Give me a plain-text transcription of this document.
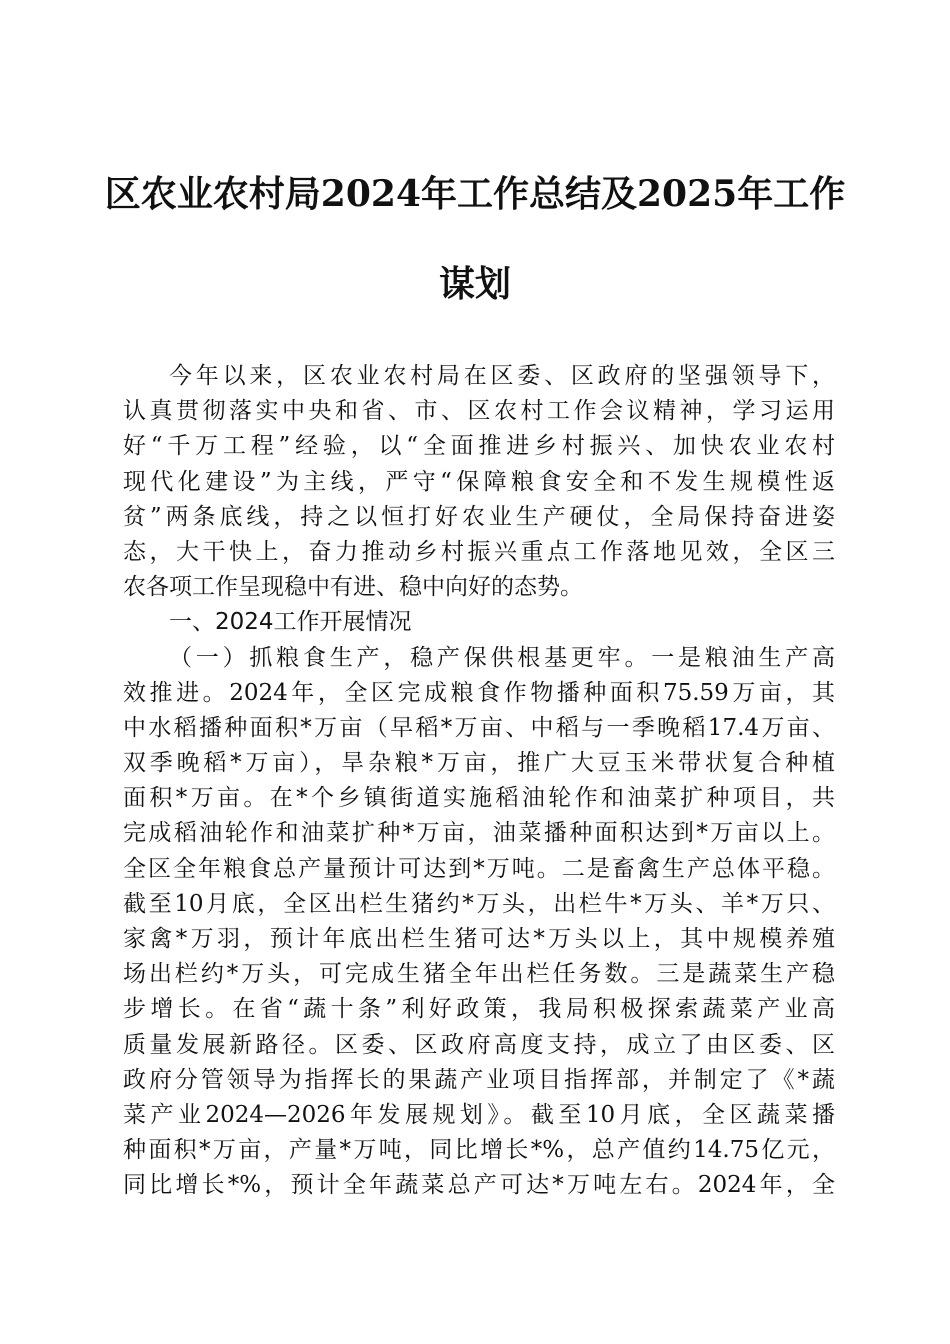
区农业农村局2024年工作总结及2025年工作
谋划
今年以来，区农业农村局在区委、区政府的坚强领导下，
认真贯彻落实中央和省、市、区农村工作会议精神，学习运用
好“千万工程”经验，以“全面推进乡村振兴、加快农业农村
现代化建设”为主线，严守“保障粮食安全和不发生规模性返
贫”两条底线，持之以恒打好农业生产硬仗，全局保持奋进姿
态，大干快上，奋力推动乡村振兴重点工作落地见效，全区三
农各项工作呈现稳中有进、稳中向好的态势。
一、2024工作开展情况
（一）抓粮食生产，稳产保供根基更牢。一是粮油生产高
效推进。2024年，全区完成粮食作物播种面积75.59万亩，其
中水稻播种面积*万亩（早稻*万亩、中稻与一季晚稻17.4万亩、
双季晚稻*万亩），旱杂粮*万亩，推广大豆玉米带状复合种植
面积*万亩。在*个乡镇街道实施稻油轮作和油菜扩种项目，共
完成稻油轮作和油菜扩种*万亩，油菜播种面积达到*万亩以上。
全区全年粮食总产量预计可达到*万吨。二是畜禽生产总体平稳。
截至10月底，全区出栏生猪约*万头，出栏牛*万头、羊*万只、
家禽*万羽，预计年底出栏生猪可达*万头以上，其中规模养殖
场出栏约*万头，可完成生猪全年出栏任务数。三是蔬菜生产稳
步增长。在省“蔬十条”利好政策，我局积极探索蔬菜产业高
质量发展新路径。区委、区政府高度支持，成立了由区委、区
政府分管领导为指挥长的果蔬产业项目指挥部，并制定了《*蔬
菜产业2024—2026年发展规划》。截至10月底，全区蔬菜播
种面积*万亩，产量*万吨，同比增长*%，总产值约14.75亿元，
同比增长*%，预计全年蔬菜总产可达*万吨左右。2024年，全
